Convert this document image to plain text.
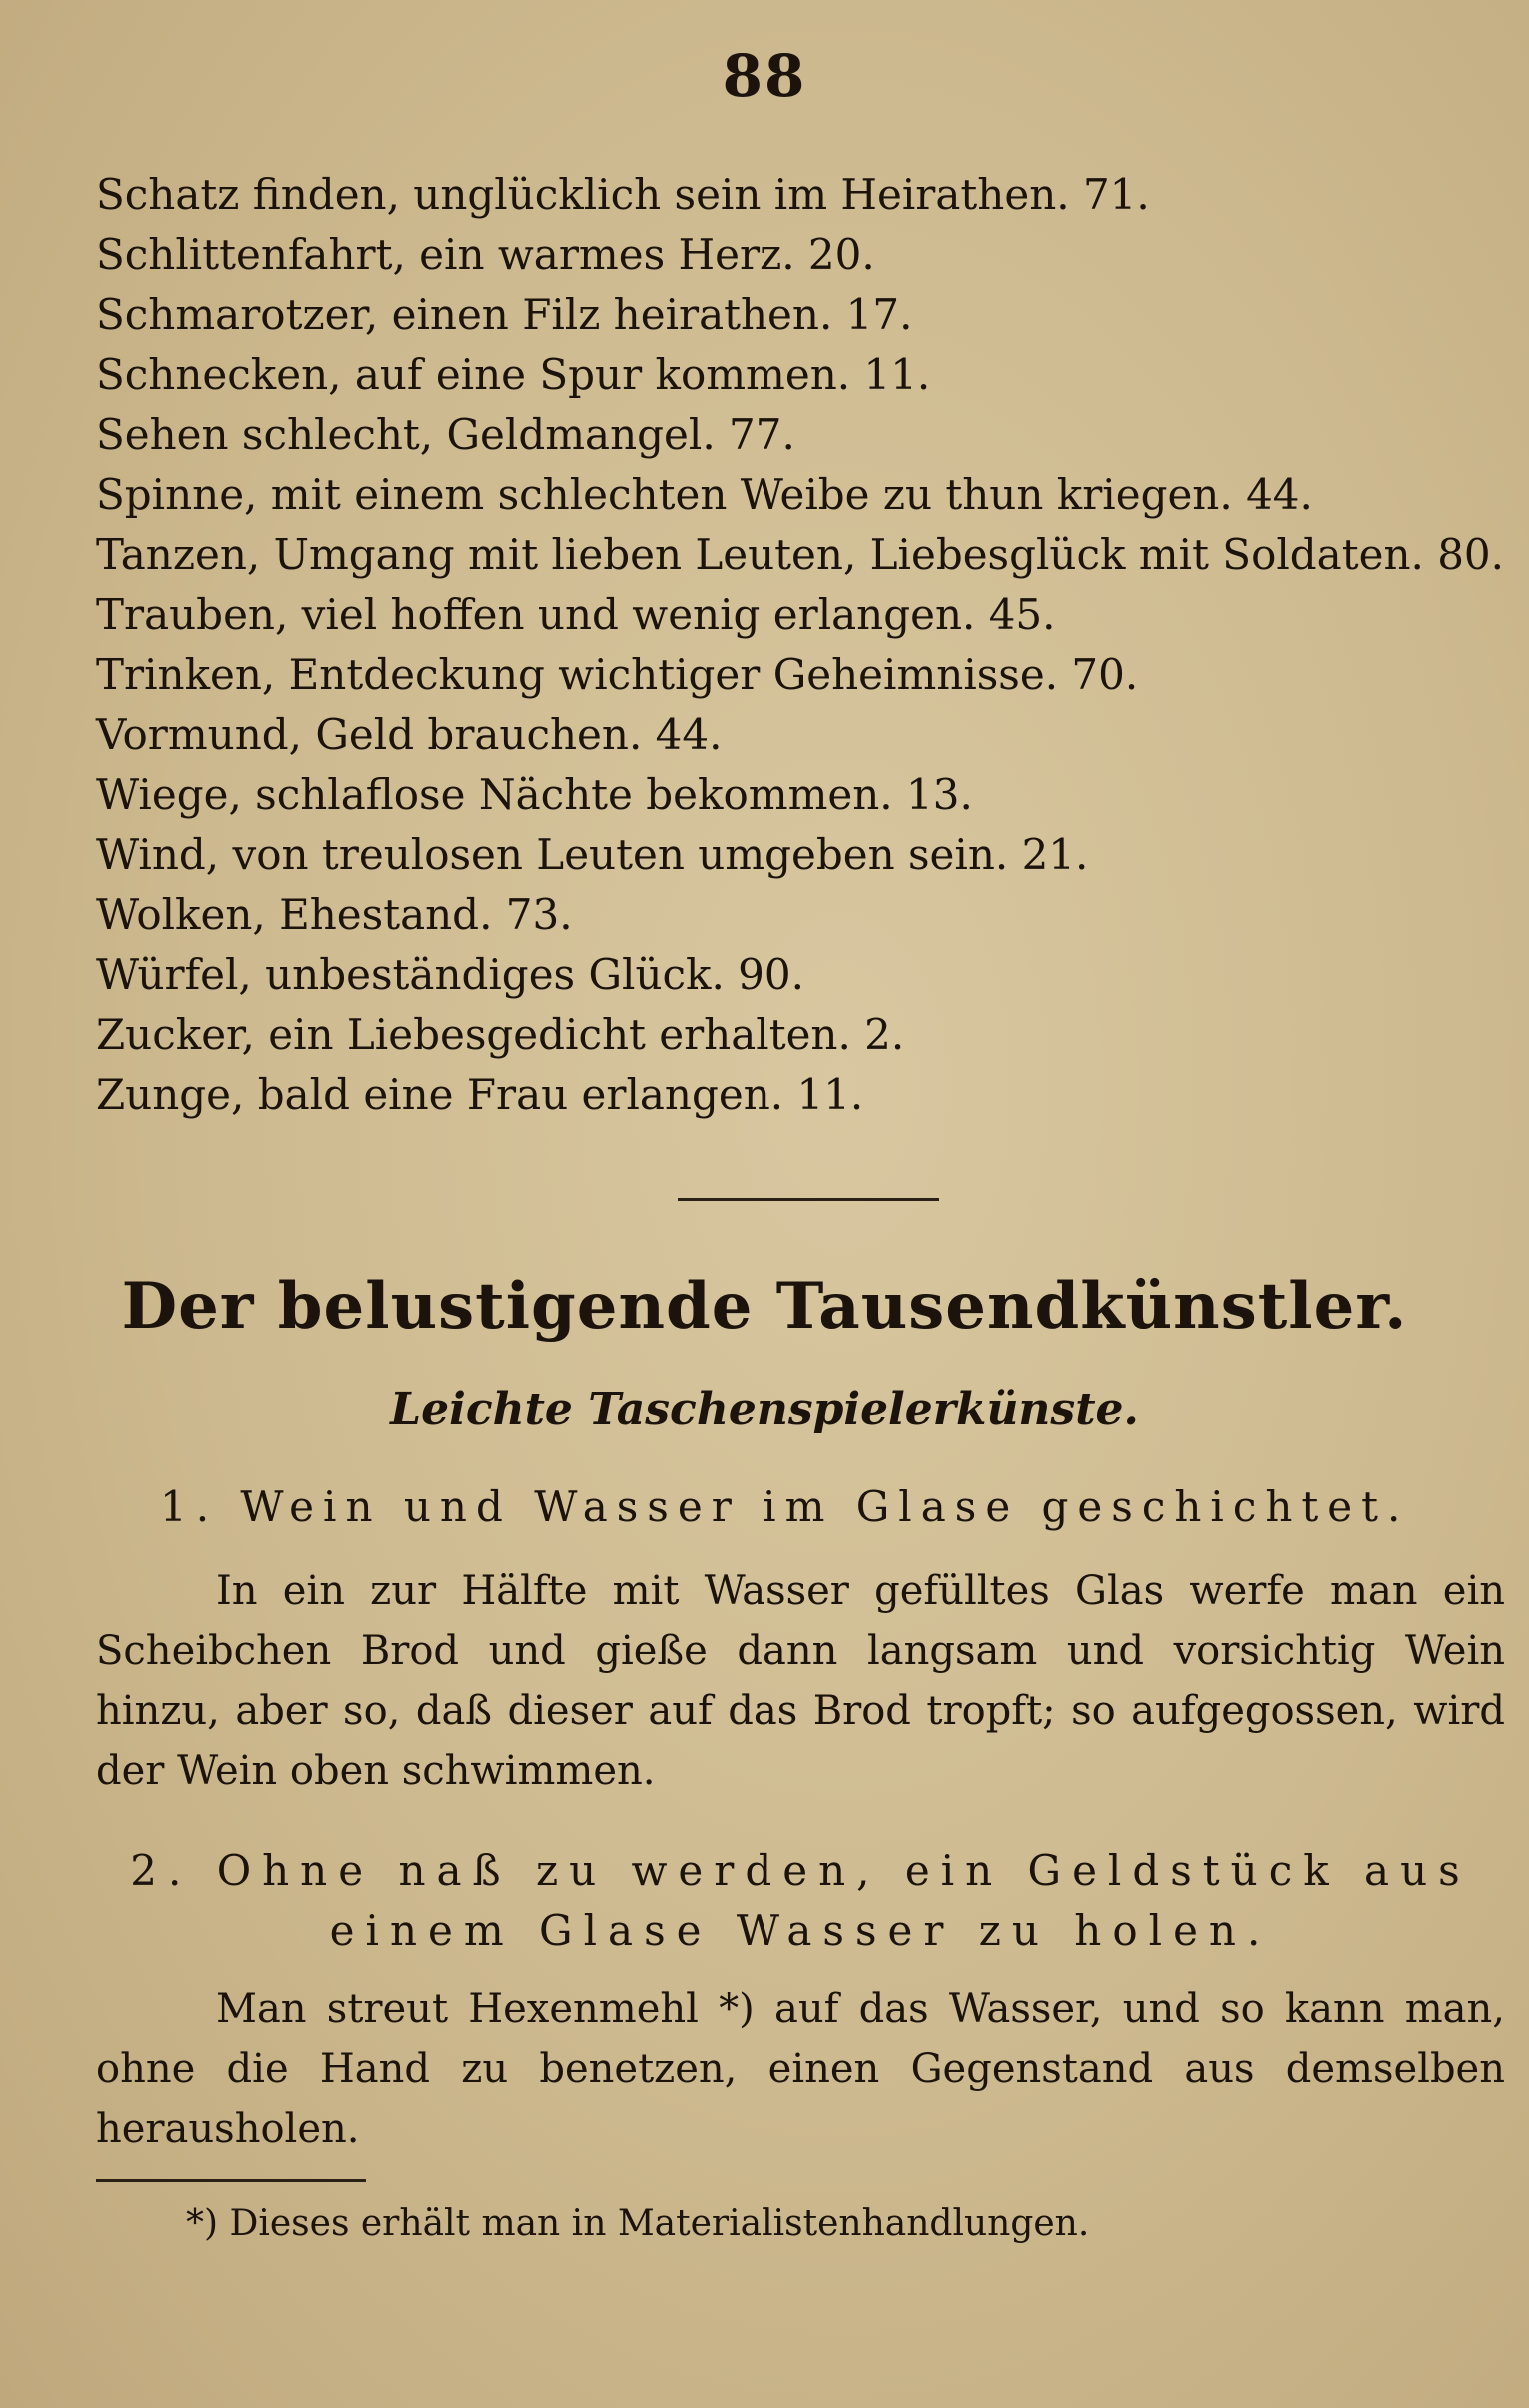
88
Schatz finden, unglücklich sein im Heirathen. 71.
Schlittenfahrt, ein warmes Herz. 20.
Schmarotzer, einen Filz heirathen. 17.
Schnecken, auf eine Spur kommen. 11.
Sehen schlecht, Geldmangel. 77.
Spinne, mit einem schlechten Weibe zu thun kriegen. 44.
Tanzen, Umgang mit lieben Leuten, Liebesglück mit Soldaten. 80.
Trauben, viel hoffen und wenig erlangen. 45.
Trinken, Entdeckung wichtiger Geheimnisse. 70.
Vormund, Geld brauchen. 44.
Wiege, schlaflose Nächte bekommen. 13.
Wind, von treulosen Leuten umgeben sein. 21.
Wolken, Ehestand. 73.
Würfel, unbeständiges Glück. 90.
Zucker, ein Liebesgedicht erhalten. 2.
Zunge, bald eine Frau erlangen. 11.
Der belustigende Tausendkünstler.
Leichte Taschenspielerkünste.
1. Wein und Wasser im Glase geschichtet.
In ein zur Hälfte mit Wasser gefülltes Glas werfe man ein Scheibchen Brod und gieße dann langsam und vorsichtig Wein hinzu, aber so, daß dieser auf das Brod tropft; so aufgegossen, wird der Wein oben schwimmen.
2. Ohne naß zu werden, ein Geldstück aus einem Glase Wasser zu holen.
Man streut Hexenmehl *) auf das Wasser, und so kann man, ohne die Hand zu benetzen, einen Gegenstand aus demselben herausholen.
*) Dieses erhält man in Materialistenhandlungen.
